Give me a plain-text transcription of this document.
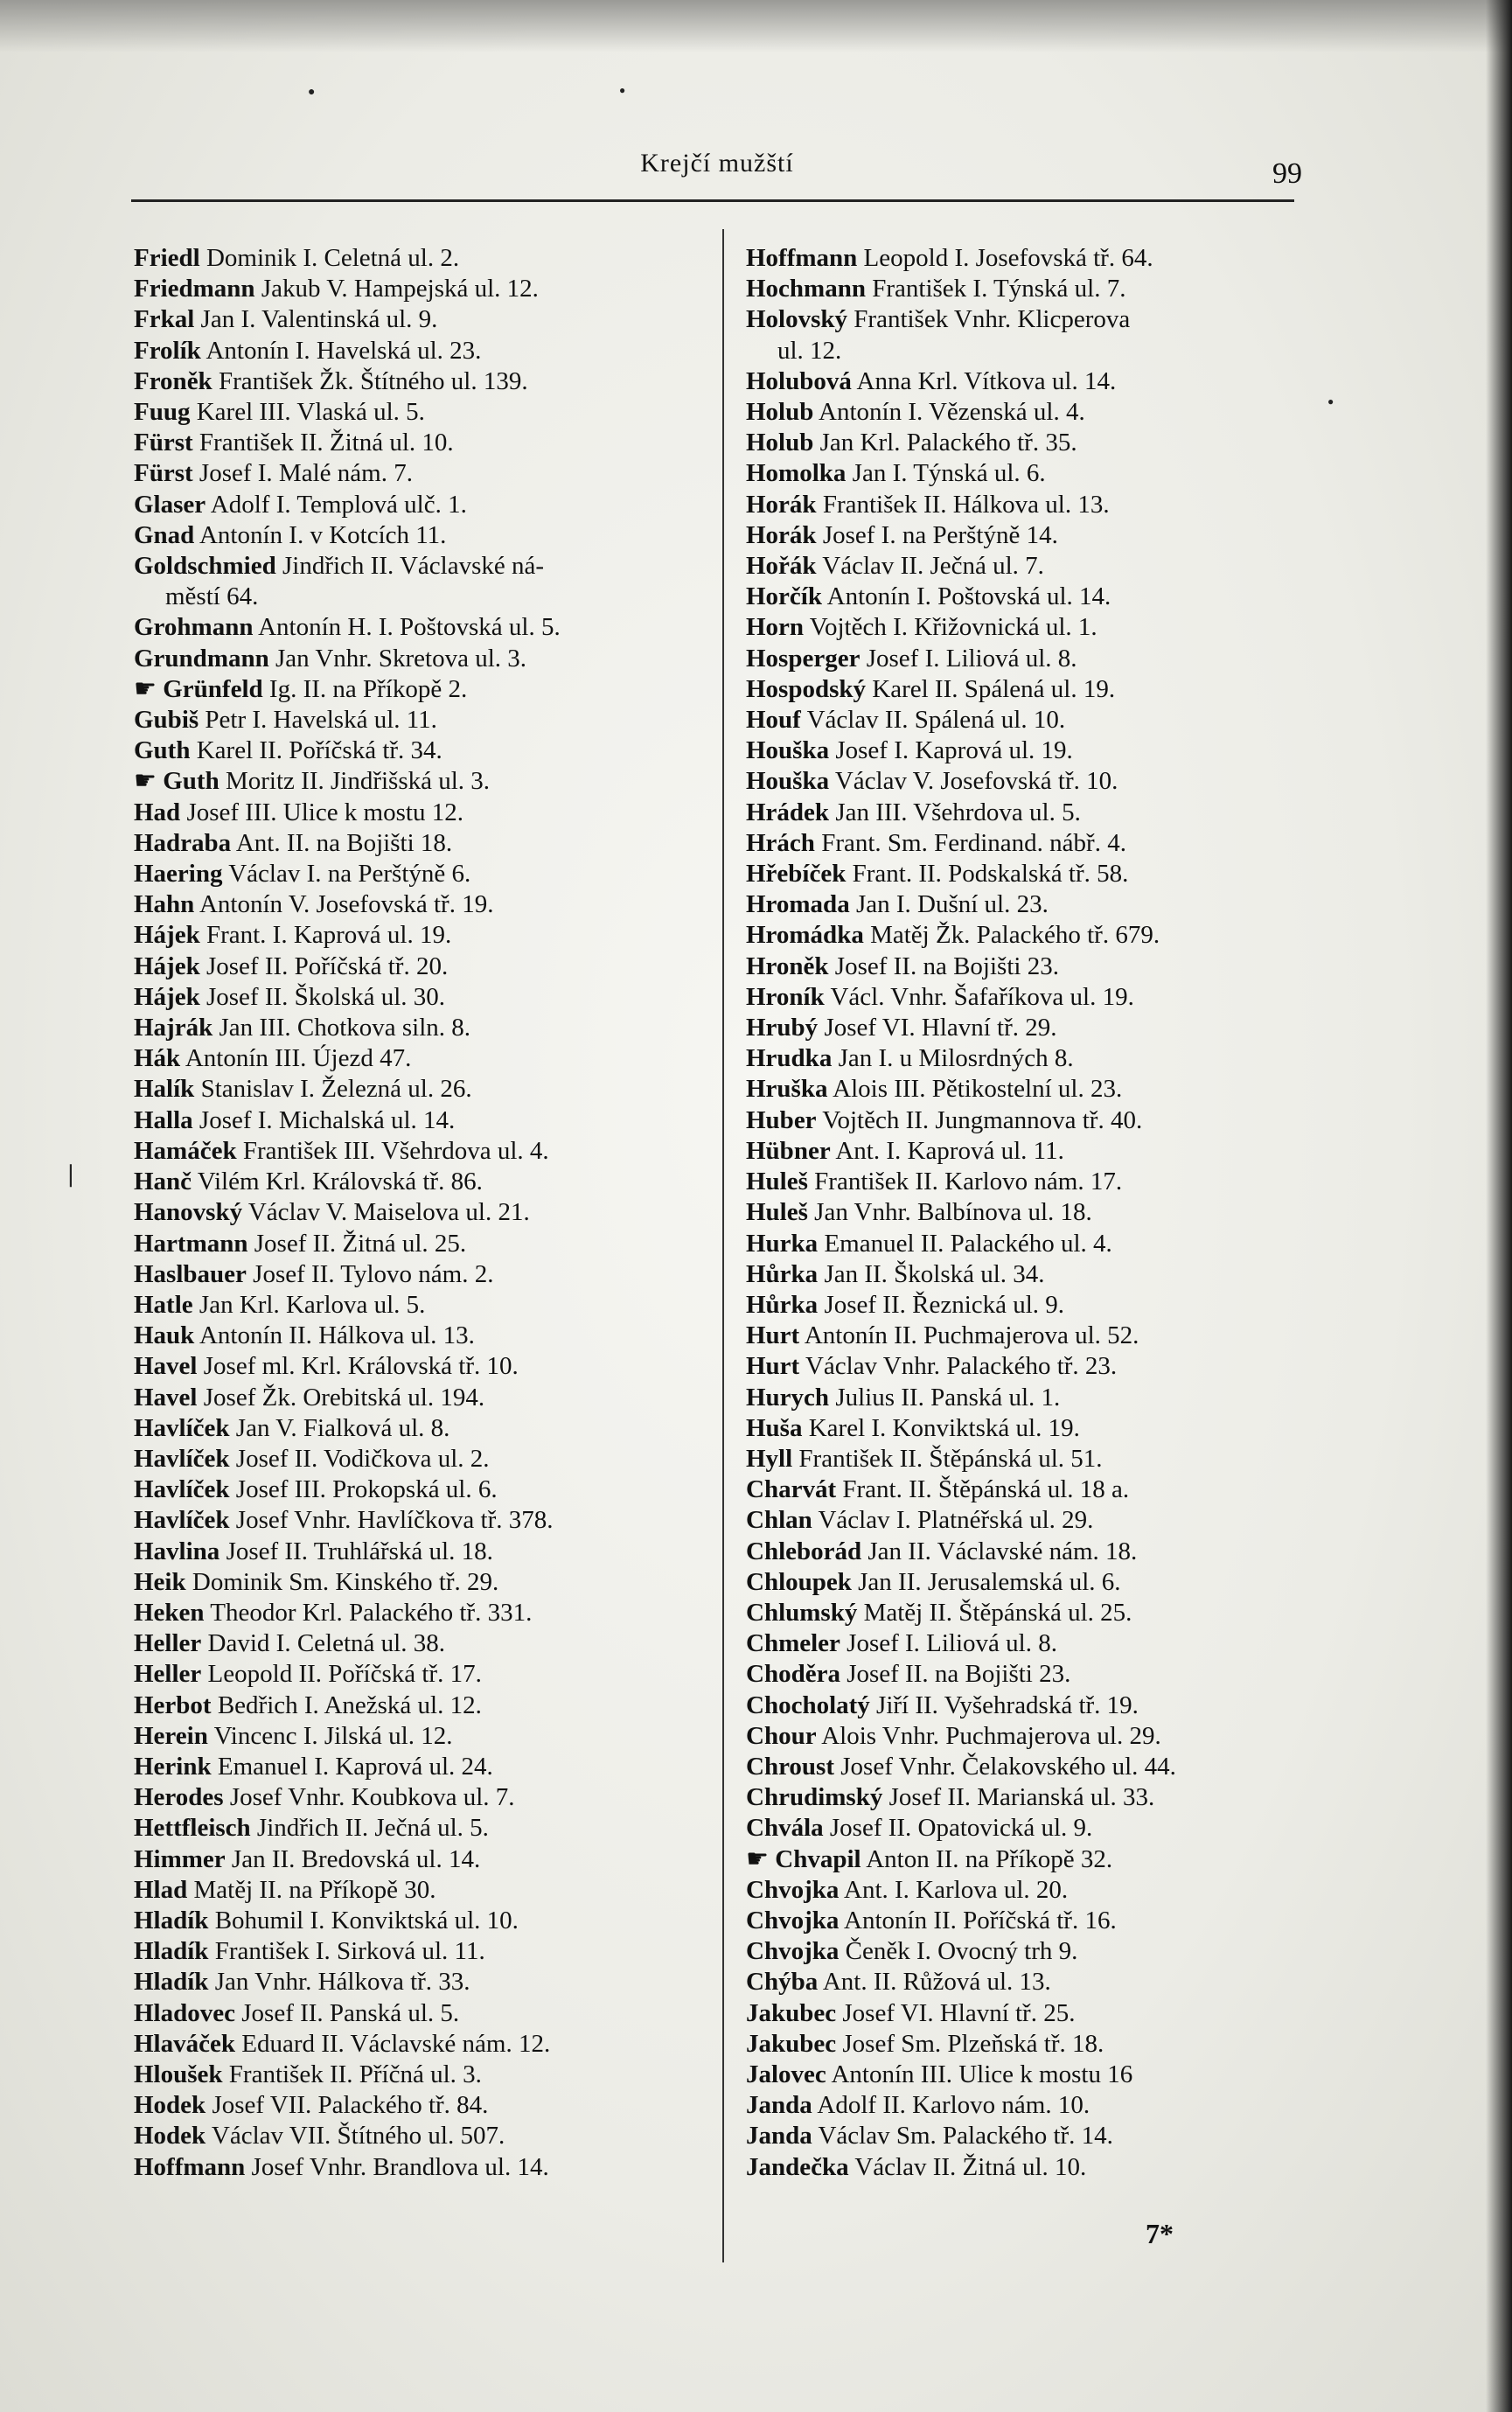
Krejčí mužští	99
Friedl Dominik I. Celetná ul. 2.
Friedmann Jakub V. Hampejská ul. 12.
Frkal Jan I. Valentinská ul. 9.
Frolík Antonín I. Havelská ul. 23.
Froněk František Žk. Štítného ul. 139.
Fuug Karel III. Vlaská ul. 5.
Fürst František II. Žitná ul. 10.
Fürst Josef I. Malé nám. 7.
Glaser Adolf I. Templová ulč. 1.
Gnad Antonín I. v Kotcích 11.
Goldschmied Jindřich II. Václavské ná-
městí 64.
Grohmann Antonín H. I. Poštovská ul. 5.
Grundmann Jan Vnhr. Skretova ul. 3.
☛ Grünfeld Ig. II. na Příkopě 2.
Gubiš Petr I. Havelská ul. 11.
Guth Karel II. Poříčská tř. 34.
☛ Guth Moritz II. Jindřišská ul. 3.
Had Josef III. Ulice k mostu 12.
Hadraba Ant. II. na Bojišti 18.
Haering Václav I. na Perštýně 6.
Hahn Antonín V. Josefovská tř. 19.
Hájek Frant. I. Kaprová ul. 19.
Hájek Josef II. Poříčská tř. 20.
Hájek Josef II. Školská ul. 30.
Hajrák Jan III. Chotkova siln. 8.
Hák Antonín III. Újezd 47.
Halík Stanislav I. Železná ul. 26.
Halla Josef I. Michalská ul. 14.
Hamáček František III. Všehrdova ul. 4.
Hanč Vilém Krl. Královská tř. 86.
Hanovský Václav V. Maiselova ul. 21.
Hartmann Josef II. Žitná ul. 25.
Haslbauer Josef II. Tylovo nám. 2.
Hatle Jan Krl. Karlova ul. 5.
Hauk Antonín II. Hálkova ul. 13.
Havel Josef ml. Krl. Královská tř. 10.
Havel Josef Žk. Orebitská ul. 194.
Havlíček Jan V. Fialková ul. 8.
Havlíček Josef II. Vodičkova ul. 2.
Havlíček Josef III. Prokopská ul. 6.
Havlíček Josef Vnhr. Havlíčkova tř. 378.
Havlina Josef II. Truhlářská ul. 18.
Heik Dominik Sm. Kinského tř. 29.
Heken Theodor Krl. Palackého tř. 331.
Heller David I. Celetná ul. 38.
Heller Leopold II. Poříčská tř. 17.
Herbot Bedřich I. Anežská ul. 12.
Herein Vincenc I. Jilská ul. 12.
Herink Emanuel I. Kaprová ul. 24.
Herodes Josef Vnhr. Koubkova ul. 7.
Hettfleisch Jindřich II. Ječná ul. 5.
Himmer Jan II. Bredovská ul. 14.
Hlad Matěj II. na Příkopě 30.
Hladík Bohumil I. Konviktská ul. 10.
Hladík František I. Sirková ul. 11.
Hladík Jan Vnhr. Hálkova tř. 33.
Hladovec Josef II. Panská ul. 5.
Hlaváček Eduard II. Václavské nám. 12.
Hloušek František II. Příčná ul. 3.
Hodek Josef VII. Palackého tř. 84.
Hodek Václav VII. Štítného ul. 507.
Hoffmann Josef Vnhr. Brandlova ul. 14.
Hoffmann Leopold I. Josefovská tř. 64.
Hochmann František I. Týnská ul. 7.
Holovský František Vnhr. Klicperova
ul. 12.
Holubová Anna Krl. Vítkova ul. 14.
Holub Antonín I. Vězenská ul. 4.
Holub Jan Krl. Palackého tř. 35.
Homolka Jan I. Týnská ul. 6.
Horák František II. Hálkova ul. 13.
Horák Josef I. na Perštýně 14.
Hořák Václav II. Ječná ul. 7.
Horčík Antonín I. Poštovská ul. 14.
Horn Vojtěch I. Křižovnická ul. 1.
Hosperger Josef I. Liliová ul. 8.
Hospodský Karel II. Spálená ul. 19.
Houf Václav II. Spálená ul. 10.
Houška Josef I. Kaprová ul. 19.
Houška Václav V. Josefovská tř. 10.
Hrádek Jan III. Všehrdova ul. 5.
Hrách Frant. Sm. Ferdinand. nábř. 4.
Hřebíček Frant. II. Podskalská tř. 58.
Hromada Jan I. Dušní ul. 23.
Hromádka Matěj Žk. Palackého tř. 679.
Hroněk Josef II. na Bojišti 23.
Hroník Václ. Vnhr. Šafaříkova ul. 19.
Hrubý Josef VI. Hlavní tř. 29.
Hrudka Jan I. u Milosrdných 8.
Hruška Alois III. Pětikostelní ul. 23.
Huber Vojtěch II. Jungmannova tř. 40.
Hübner Ant. I. Kaprová ul. 11.
Huleš František II. Karlovo nám. 17.
Huleš Jan Vnhr. Balbínova ul. 18.
Hurka Emanuel II. Palackého ul. 4.
Hůrka Jan II. Školská ul. 34.
Hůrka Josef II. Řeznická ul. 9.
Hurt Antonín II. Puchmajerova ul. 52.
Hurt Václav Vnhr. Palackého tř. 23.
Hurych Julius II. Panská ul. 1.
Huša Karel I. Konviktská ul. 19.
Hyll František II. Štěpánská ul. 51.
Charvát Frant. II. Štěpánská ul. 18 a.
Chlan Václav I. Platnéřská ul. 29.
Chleborád Jan II. Václavské nám. 18.
Chloupek Jan II. Jerusalemská ul. 6.
Chlumský Matěj II. Štěpánská ul. 25.
Chmeler Josef I. Liliová ul. 8.
Choděra Josef II. na Bojišti 23.
Chocholatý Jiří II. Vyšehradská tř. 19.
Chour Alois Vnhr. Puchmajerova ul. 29.
Chroust Josef Vnhr. Čelakovského ul. 44.
Chrudimský Josef II. Marianská ul. 33.
Chvála Josef II. Opatovická ul. 9.
☛ Chvapil Anton II. na Příkopě 32.
Chvojka Ant. I. Karlova ul. 20.
Chvojka Antonín II. Poříčská tř. 16.
Chvojka Čeněk I. Ovocný trh 9.
Chýba Ant. II. Růžová ul. 13.
Jakubec Josef VI. Hlavní tř. 25.
Jakubec Josef Sm. Plzeňská tř. 18.
Jalovec Antonín III. Ulice k mostu 16
Janda Adolf II. Karlovo nám. 10.
Janda Václav Sm. Palackého tř. 14.
Jandečka Václav II. Žitná ul. 10.
7*
●	●
●
❘
